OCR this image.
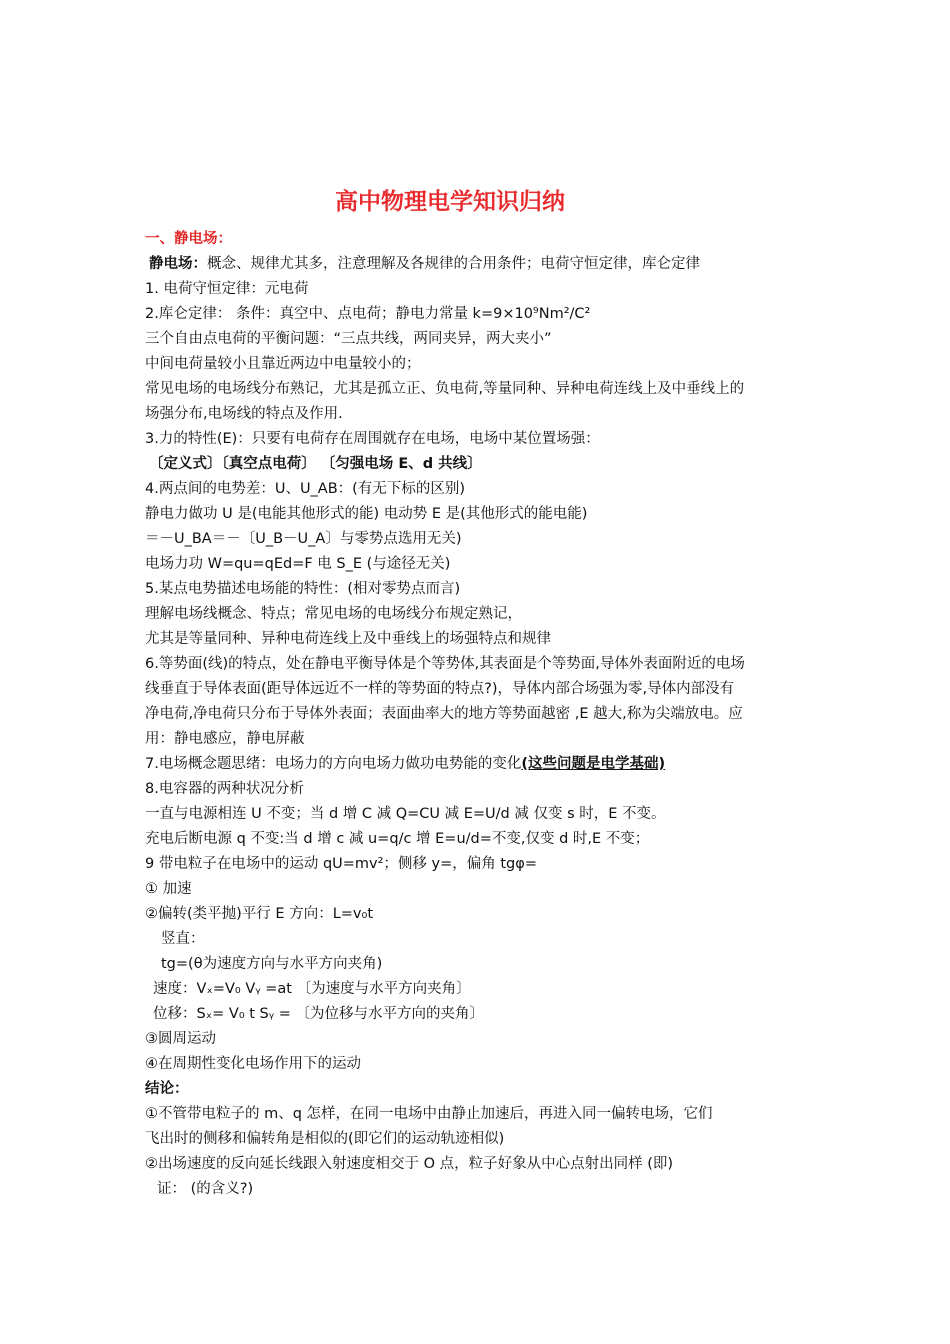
高中物理电学知识归纳
一、静电场：
静电场：概念、规律尤其多，注意理解及各规律的合用条件；电荷守恒定律，库仑定律
1. 电荷守恒定律：元电荷
2.库仑定律： 条件：真空中、点电荷；静电力常量 k=9×10⁹Nm²/C²
三个自由点电荷的平衡问题：“三点共线，两同夹异，两大夹小”
中间电荷量较小且靠近两边中电量较小的；
常见电场的电场线分布熟记，尤其是孤立正、负电荷,等量同种、异种电荷连线上及中垂线上的
场强分布,电场线的特点及作用.
3.力的特性(E)：只要有电荷存在周围就存在电场，电场中某位置场强：
〔定义式〕〔真空点电荷〕 〔匀强电场 E、d 共线〕
4.两点间的电势差：U、U_AB：(有无下标的区别)
静电力做功 U 是(电能其他形式的能) 电动势 E 是(其他形式的能电能)
＝－U_BA＝－〔U_B－U_A〕与零势点选用无关)
电场力功 W=qu=qEd=F 电 S_E (与途径无关)
5.某点电势描述电场能的特性：(相对零势点而言)
理解电场线概念、特点；常见电场的电场线分布规定熟记，
尤其是等量同种、异种电荷连线上及中垂线上的场强特点和规律
6.等势面(线)的特点，处在静电平衡导体是个等势体,其表面是个等势面,导体外表面附近的电场
线垂直于导体表面(距导体远近不一样的等势面的特点?)，导体内部合场强为零,导体内部没有
净电荷,净电荷只分布于导体外表面；表面曲率大的地方等势面越密 ,E 越大,称为尖端放电。应
用：静电感应，静电屏蔽
7.电场概念题思绪：电场力的方向电场力做功电势能的变化(这些问题是电学基础)
8.电容器的两种状况分析
一直与电源相连 U 不变；当 d 增 C 减 Q=CU 减 E=U/d 减 仅变 s 时，E 不变。
充电后断电源 q 不变:当 d 增 c 减 u=q/c 增 E=u/d=不变,仅变 d 时,E 不变；
9 带电粒子在电场中的运动 qU=mv²；侧移 y=，偏角 tgφ=
① 加速
②偏转(类平抛)平行 E 方向：L=v₀t
竖直：
tg=(θ为速度方向与水平方向夹角)
速度：Vₓ=V₀ Vᵧ =at 〔为速度与水平方向夹角〕
位移：Sₓ= V₀ t Sᵧ = 〔为位移与水平方向的夹角〕
③圆周运动
④在周期性变化电场作用下的运动
结论：
①不管带电粒子的 m、q 怎样，在同一电场中由静止加速后，再进入同一偏转电场，它们
飞出时的侧移和偏转角是相似的(即它们的运动轨迹相似)
②出场速度的反向延长线跟入射速度相交于 O 点，粒子好象从中心点射出同样 (即)
证： (的含义?)
